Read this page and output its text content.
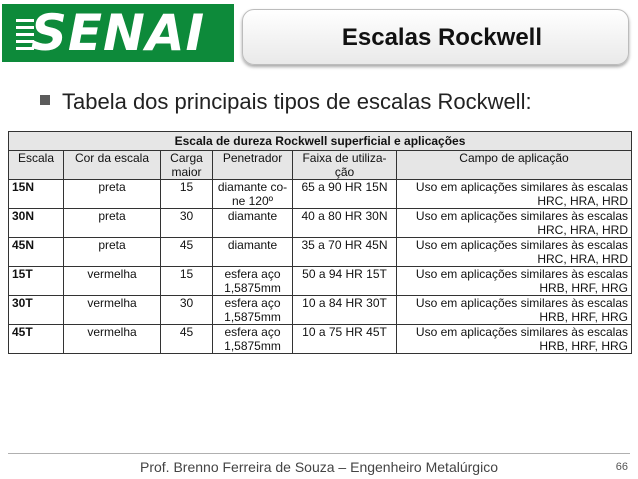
SENAI	Escalas Rockwell
Tabela dos principais tipos de escalas Rockwell:
Escala de dureza Rockwell superficial e aplicações					
Escala	Cor da escala	Carga maior	Penetrador	Faixa de utiliza-ção	Campo de aplicação
15N	preta	15	diamante co-ne 120º	65 a 90 HR 15N	Uso em aplicações similares às escalas HRC, HRA, HRD
30N	preta	30	diamante	40 a 80 HR 30N	Uso em aplicações similares às escalas HRC, HRA, HRD
45N	preta	45	diamante	35 a 70 HR 45N	Uso em aplicações similares às escalas HRC, HRA, HRD
15T	vermelha	15	esfera aço 1,5875mm	50 a 94 HR 15T	Uso em aplicações similares às escalas HRB, HRF, HRG
30T	vermelha	30	esfera aço 1,5875mm	10 a 84 HR 30T	Uso em aplicações similares às escalas HRB, HRF, HRG
45T	vermelha	45	esfera aço 1,5875mm	10 a 75 HR 45T	Uso em aplicações similares às escalas HRB, HRF, HRG
Prof. Brenno Ferreira de Souza – Engenheiro Metalúrgico	66
